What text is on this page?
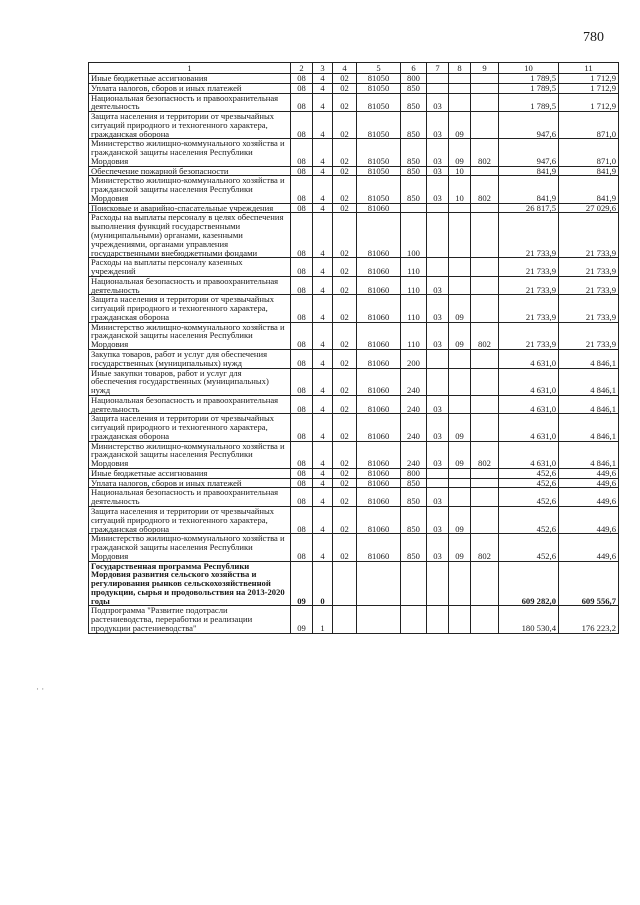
780
1	2	3	4	5	6	7	8	9	10	11
Иные бюджетные ассигнования	08	4	02	81050	800				1 789,5	1 712,9
Уплата налогов, сборов и иных платежей	08	4	02	81050	850				1 789,5	1 712,9
Национальная безопасность и правоохранительная деятельность	08	4	02	81050	850	03			1 789,5	1 712,9
Защита населения и территории от чрезвычайных ситуаций природного и техногенного характера, гражданская оборона	08	4	02	81050	850	03	09		947,6	871,0
Министерство жилищно-коммунального хозяйства и гражданской защиты населения Республики Мордовия	08	4	02	81050	850	03	09	802	947,6	871,0
Обеспечение пожарной безопасности	08	4	02	81050	850	03	10		841,9	841,9
Министерство жилищно-коммунального хозяйства и гражданской защиты населения Республики Мордовия	08	4	02	81050	850	03	10	802	841,9	841,9
Поисковые и аварийно-спасательные учреждения	08	4	02	81060					26 817,5	27 029,6
Расходы на выплаты персоналу в целях обеспечения выполнения функций государственными (муниципальными) органами, казенными учреждениями, органами управления государственными внебюджетными фондами	08	4	02	81060	100				21 733,9	21 733,9
Расходы на выплаты персоналу казенных учреждений	08	4	02	81060	110				21 733,9	21 733,9
Национальная безопасность и правоохранительная деятельность	08	4	02	81060	110	03			21 733,9	21 733,9
Защита населения и территории от чрезвычайных ситуаций природного и техногенного характера, гражданская оборона	08	4	02	81060	110	03	09		21 733,9	21 733,9
Министерство жилищно-коммунального хозяйства и гражданской защиты населения Республики Мордовия	08	4	02	81060	110	03	09	802	21 733,9	21 733,9
Закупка товаров, работ и услуг для обеспечения государственных (муниципальных) нужд	08	4	02	81060	200				4 631,0	4 846,1
Иные закупки товаров, работ и услуг для обеспечения государственных (муниципальных) нужд	08	4	02	81060	240				4 631,0	4 846,1
Национальная безопасность и правоохранительная деятельность	08	4	02	81060	240	03			4 631,0	4 846,1
Защита населения и территории от чрезвычайных ситуаций природного и техногенного характера, гражданская оборона	08	4	02	81060	240	03	09		4 631,0	4 846,1
Министерство жилищно-коммунального хозяйства и гражданской защиты населения Республики Мордовия	08	4	02	81060	240	03	09	802	4 631,0	4 846,1
Иные бюджетные ассигнования	08	4	02	81060	800				452,6	449,6
Уплата налогов, сборов и иных платежей	08	4	02	81060	850				452,6	449,6
Национальная безопасность и правоохранительная деятельность	08	4	02	81060	850	03			452,6	449,6
Защита населения и территории от чрезвычайных ситуаций природного и техногенного характера, гражданская оборона	08	4	02	81060	850	03	09		452,6	449,6
Министерство жилищно-коммунального хозяйства и гражданской защиты населения Республики Мордовия	08	4	02	81060	850	03	09	802	452,6	449,6
Государственная программа Республики Мордовия развития сельского хозяйства и регулирования рынков сельскохозяйственной продукции, сырья и продовольствия на 2013-2020 годы	09	0							609 282,0	609 556,7
Подпрограмма "Развитие подотрасли растениеводства, переработки и реализации продукции растениеводства"	09	1							180 530,4	176 223,2
· ·
